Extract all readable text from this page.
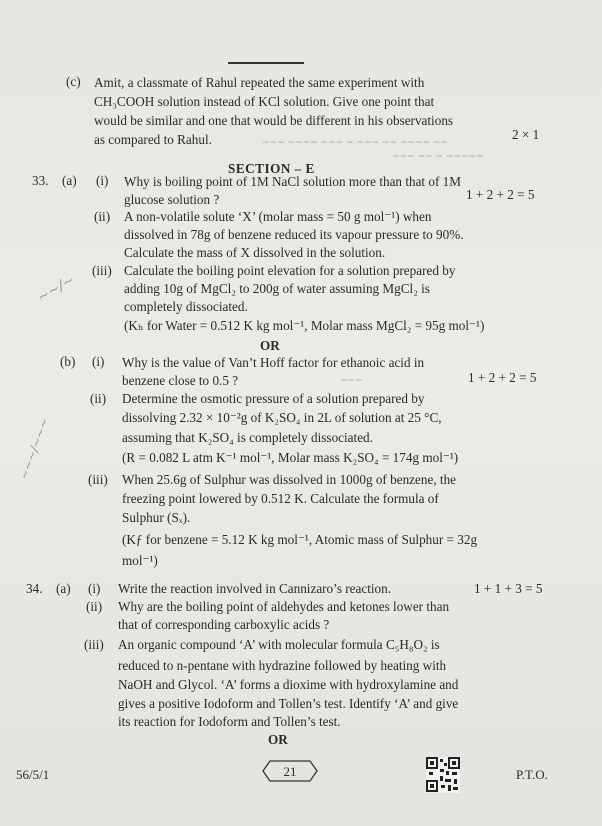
(c) Amit, a classmate of Rahul repeated the same experiment with
CH₃COOH solution instead of KCl solution. Give one point that
would be similar and one that would be different in his observations
as compared to Rahul.	2 × 1
~~~ ~~~~ ~~~ ~ ~~~ ~~ ~~~~ ~~
~~~ ~~ ~ ~~~~~
SECTION – E
33. (a) (i) Why is boiling point of 1M NaCl solution more than that of 1M
glucose solution ?	1 + 2 + 2 = 5
(ii) A non-volatile solute ‘X’ (molar mass = 50 g mol⁻¹) when
dissolved in 78g of benzene reduced its vapour pressure to 90%.
Calculate the mass of X dissolved in the solution.
(iii) Calculate the boiling point elevation for a solution prepared by
adding 10g of MgCl₂ to 200g of water assuming MgCl₂ is
completely dissociated.
(Kₕ for Water = 0.512 K kg mol⁻¹, Molar mass MgCl₂ = 95g mol⁻¹)
~~/~
OR
(b) (i) Why is the value of Van’t Hoff factor for ethanoic acid in
benzene close to 0.5 ?	1 + 2 + 2 = 5
~~~
(ii) Determine the osmotic pressure of a solution prepared by
dissolving 2.32 × 10⁻²g of K₂SO₄ in 2L of solution at 25 °C,
assuming that K₂SO₄ is completely dissociated.
(R = 0.082 L atm K⁻¹ mol⁻¹, Molar mass K₂SO₄ = 174g mol⁻¹)
~~~/~~~	(iii) When 25.6g of Sulphur was dissolved in 1000g of benzene, the
freezing point lowered by 0.512 K. Calculate the formula of
Sulphur (Sₓ).
(Kƒ for benzene = 5.12 K kg mol⁻¹, Atomic mass of Sulphur = 32g
mol⁻¹)
34. (a) (i) Write the reaction involved in Cannizaro’s reaction.	1 + 1 + 3 = 5
(ii) Why are the boiling point of aldehydes and ketones lower than
that of corresponding carboxylic acids ?
(iii) An organic compound ‘A’ with molecular formula C₅H₈O₂ is
reduced to n-pentane with hydrazine followed by heating with
NaOH and Glycol. ‘A’ forms a dioxime with hydroxylamine and
gives a positive Iodoform and Tollen’s test. Identify ‘A’ and give
its reaction for Iodoform and Tollen’s test.
OR
56/5/1	21	P.T.O.
